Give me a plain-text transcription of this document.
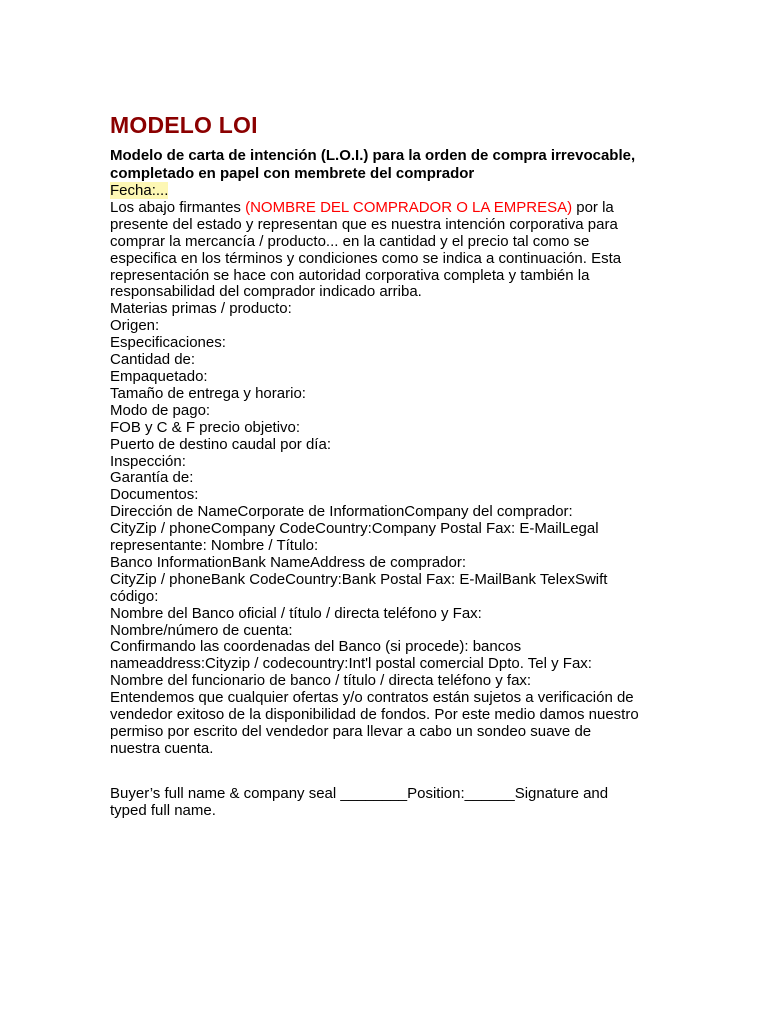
MODELO LOI
Modelo de carta de intención (L.O.I.) para la orden de compra irrevocable,
completado en papel con membrete del comprador
Fecha:...
Los abajo firmantes (NOMBRE DEL COMPRADOR O LA EMPRESA) por la
presente del estado y representan que es nuestra intención corporativa para
comprar la mercancía / producto... en la cantidad y el precio tal como se
especifica en los términos y condiciones como se indica a continuación. Esta
representación se hace con autoridad corporativa completa y también la
responsabilidad del comprador indicado arriba.
Materias primas / producto:
Origen:
Especificaciones:
Cantidad de:
Empaquetado:
Tamaño de entrega y horario:
Modo de pago:
FOB y C & F precio objetivo:
Puerto de destino caudal por día:
Inspección:
Garantía de:
Documentos:
Dirección de NameCorporate de InformationCompany del comprador:
CityZip / phoneCompany CodeCountry:Company Postal Fax: E-MailLegal
representante: Nombre / Título:
Banco InformationBank NameAddress de comprador:
CityZip / phoneBank CodeCountry:Bank Postal Fax: E-MailBank TelexSwift
código:
Nombre del Banco oficial / título / directa teléfono y Fax:
Nombre/número de cuenta:
Confirmando las coordenadas del Banco (si procede): bancos
nameaddress:Cityzip / codecountry:Int'l postal comercial Dpto. Tel y Fax:
Nombre del funcionario de banco / título / directa teléfono y fax:
Entendemos que cualquier ofertas y/o contratos están sujetos a verificación de
vendedor exitoso de la disponibilidad de fondos. Por este medio damos nuestro
permiso por escrito del vendedor para llevar a cabo un sondeo suave de
nuestra cuenta.
Buyer’s full name & company seal ________Position:______Signature and
typed full name.
